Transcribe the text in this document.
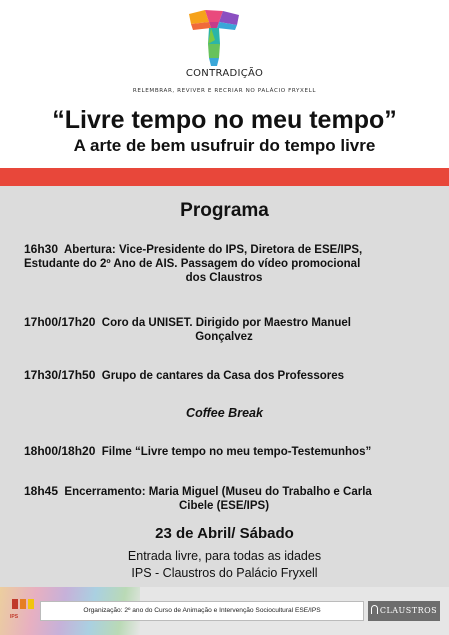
CONTRADIÇÃO
RELEMBRAR, REVIVER E RECRIAR NO PALÁCIO FRYXELL
“Livre tempo no meu tempo”
A arte de bem usufruir do tempo livre
Programa
16h30 Abertura: Vice-Presidente do IPS, Diretora de ESE/IPS,
Estudante do 2º Ano de AIS. Passagem do vídeo promocional
dos Claustros
17h00/17h20 Coro da UNISET. Dirigido por Maestro Manuel
Gonçalvez
17h30/17h50 Grupo de cantares da Casa dos Professores
Coffee Break
18h00/18h20 Filme “Livre tempo no meu tempo-Testemunhos”
18h45 Encerramento: Maria Miguel (Museu do Trabalho e Carla
Cibele (ESE/IPS)
23 de Abril/ Sábado
Entrada livre, para todas as idades
IPS - Claustros do Palácio Fryxell
IPS
Organização: 2º ano do Curso de Animação e Intervenção Sociocultural ESE/IPS	CLAUSTROS
